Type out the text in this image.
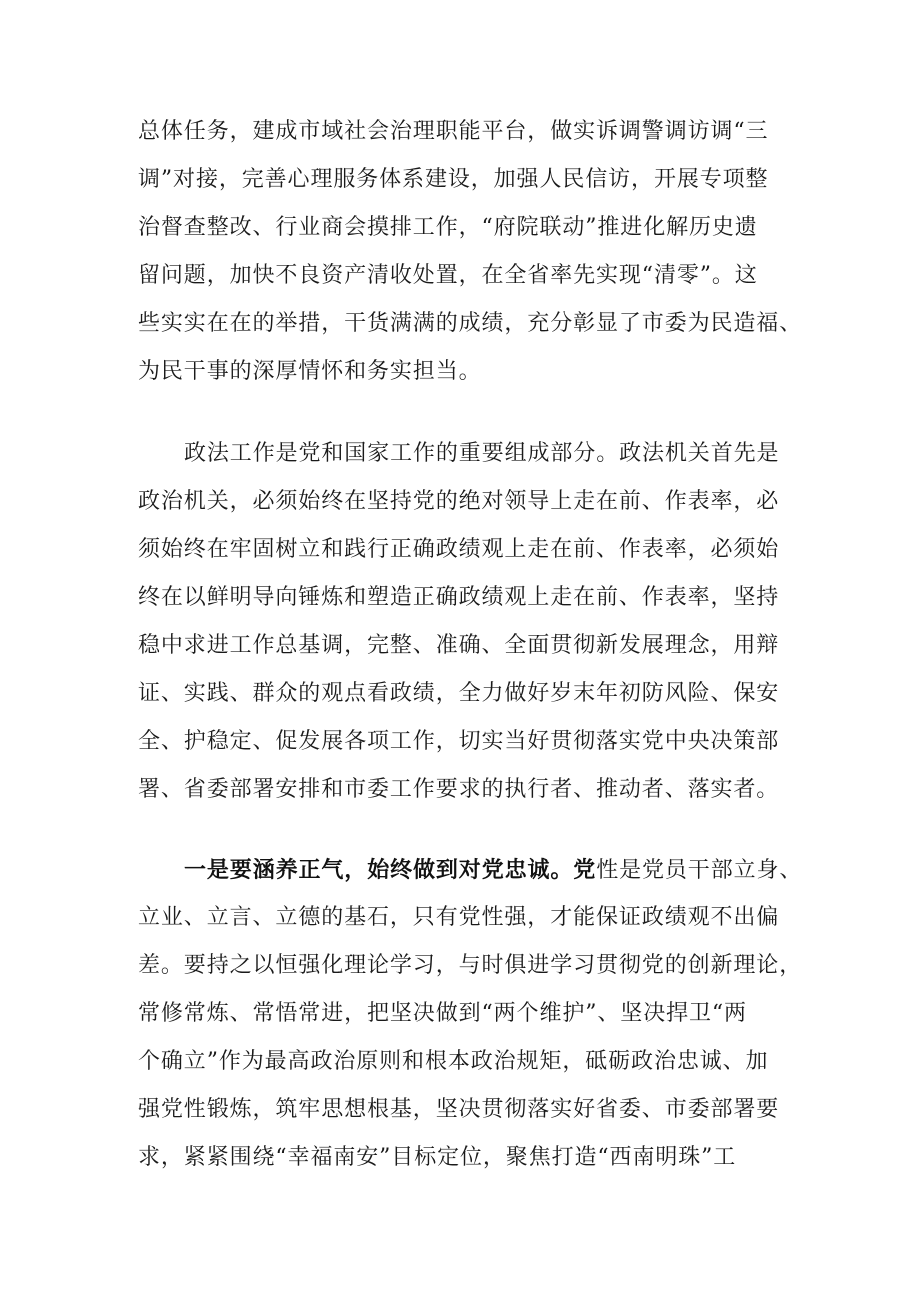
总体任务，建成市域社会治理职能平台，做实诉调警调访调“三
调”对接，完善心理服务体系建设，加强人民信访，开展专项整
治督查整改、行业商会摸排工作，“府院联动”推进化解历史遗
留问题，加快不良资产清收处置，在全省率先实现“清零”。这
些实实在在的举措，干货满满的成绩，充分彰显了市委为民造福、
为民干事的深厚情怀和务实担当。
政法工作是党和国家工作的重要组成部分。政法机关首先是
政治机关，必须始终在坚持党的绝对领导上走在前、作表率，必
须始终在牢固树立和践行正确政绩观上走在前、作表率，必须始
终在以鲜明导向锤炼和塑造正确政绩观上走在前、作表率，坚持
稳中求进工作总基调，完整、准确、全面贯彻新发展理念，用辩
证、实践、群众的观点看政绩，全力做好岁末年初防风险、保安
全、护稳定、促发展各项工作，切实当好贯彻落实党中央决策部
署、省委部署安排和市委工作要求的执行者、推动者、落实者。
一是要涵养正气，始终做到对党忠诚。党性是党员干部立身、
立业、立言、立德的基石，只有党性强，才能保证政绩观不出偏
差。要持之以恒强化理论学习，与时俱进学习贯彻党的创新理论，
常修常炼、常悟常进，把坚决做到“两个维护”、坚决捍卫“两
个确立”作为最高政治原则和根本政治规矩，砥砺政治忠诚、加
强党性锻炼，筑牢思想根基，坚决贯彻落实好省委、市委部署要
求，紧紧围绕“幸福南安”目标定位，聚焦打造“西南明珠”工
